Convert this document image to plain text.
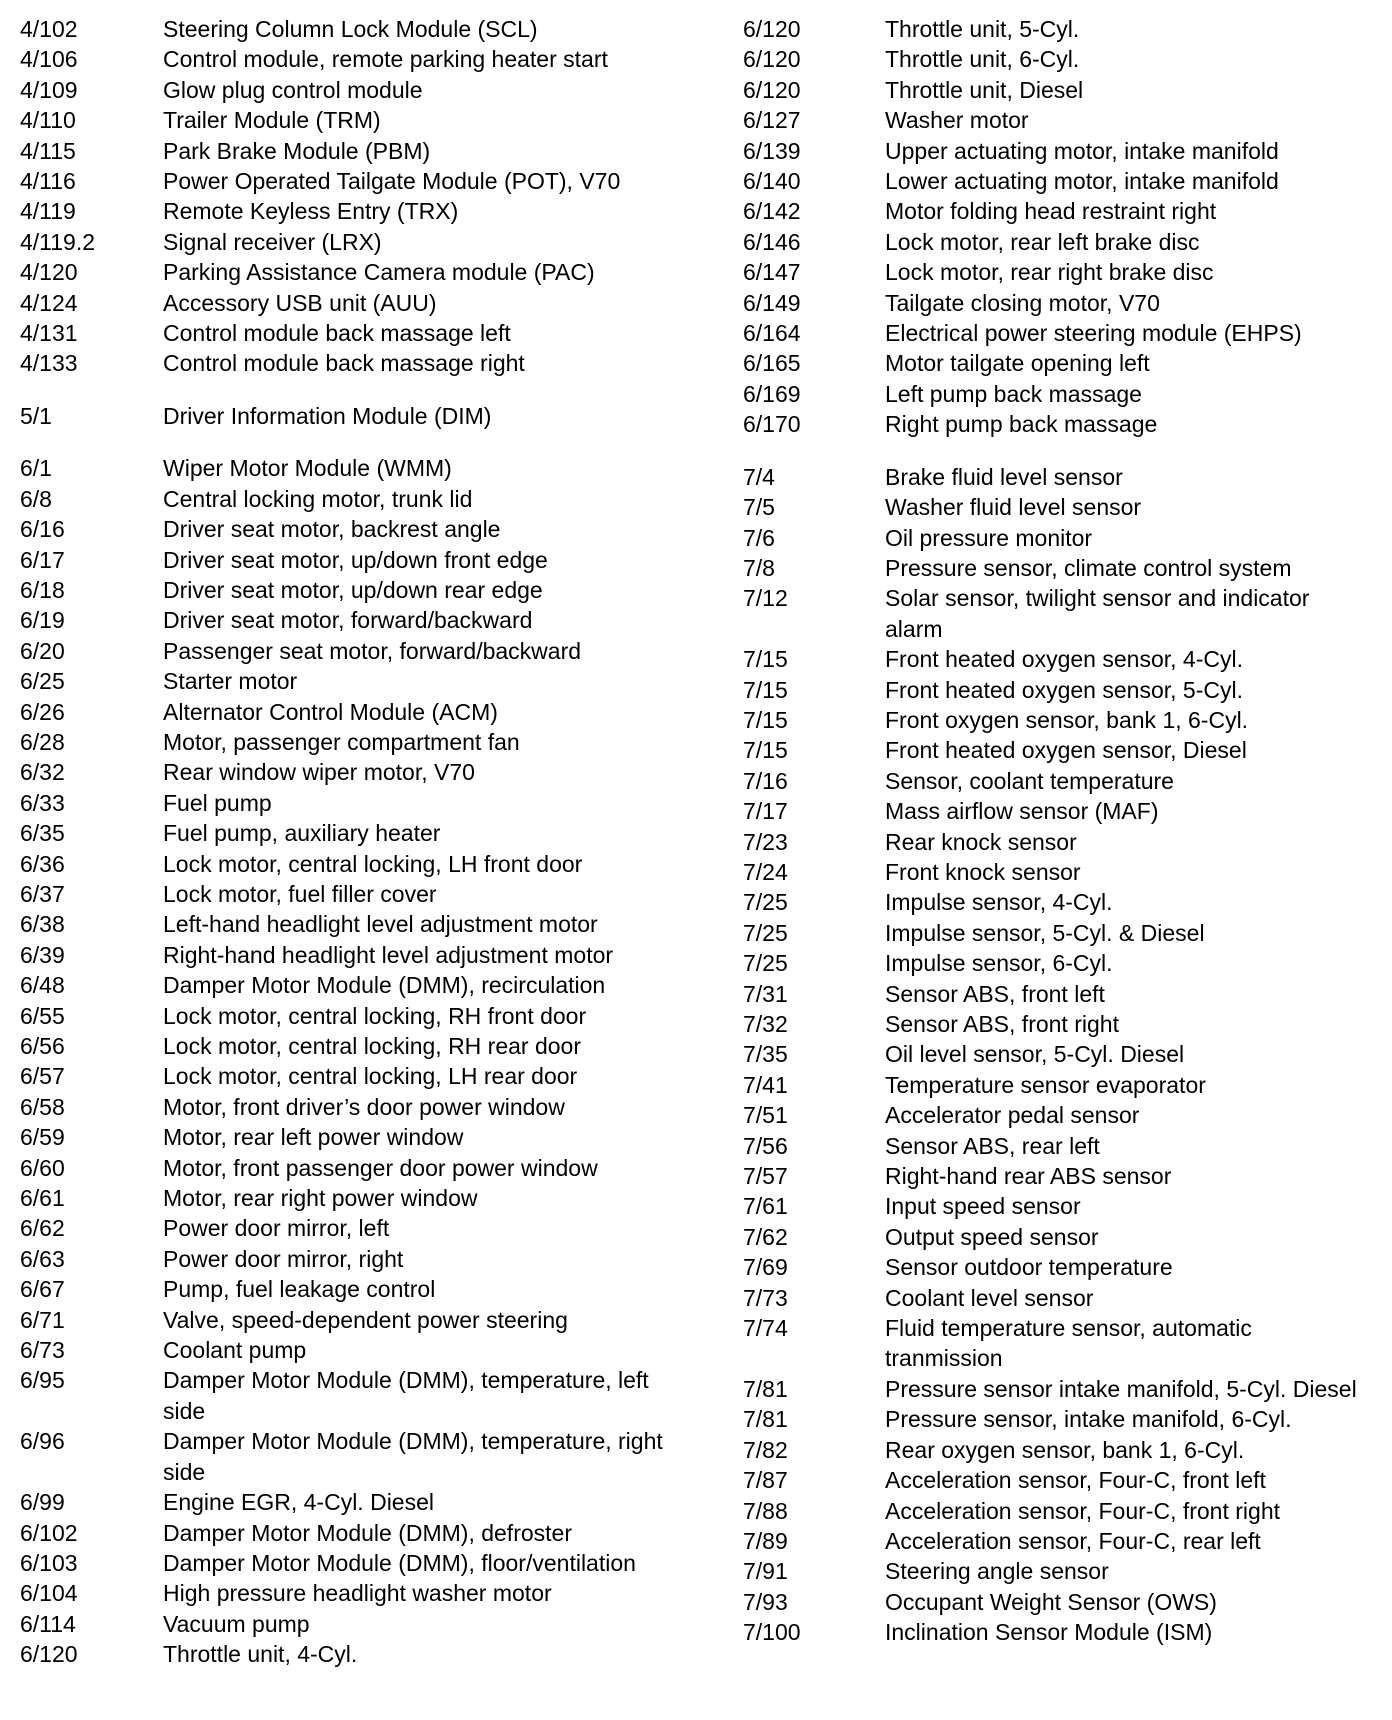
4/102	Steering Column Lock Module (SCL)
4/106	Control module, remote parking heater start
4/109	Glow plug control module
4/110	Trailer Module (TRM)
4/115	Park Brake Module (PBM)
4/116	Power Operated Tailgate Module (POT), V70
4/119	Remote Keyless Entry (TRX)
4/119.2	Signal receiver (LRX)
4/120	Parking Assistance Camera module (PAC)
4/124	Accessory USB unit (AUU)
4/131	Control module back massage left
4/133	Control module back massage right
5/1	Driver Information Module (DIM)
6/1	Wiper Motor Module (WMM)
6/8	Central locking motor, trunk lid
6/16	Driver seat motor, backrest angle
6/17	Driver seat motor, up/down front edge
6/18	Driver seat motor, up/down rear edge
6/19	Driver seat motor, forward/backward
6/20	Passenger seat motor, forward/backward
6/25	Starter motor
6/26	Alternator Control Module (ACM)
6/28	Motor, passenger compartment fan
6/32	Rear window wiper motor, V70
6/33	Fuel pump
6/35	Fuel pump, auxiliary heater
6/36	Lock motor, central locking, LH front door
6/37	Lock motor, fuel filler cover
6/38	Left-hand headlight level adjustment motor
6/39	Right-hand headlight level adjustment motor
6/48	Damper Motor Module (DMM), recirculation
6/55	Lock motor, central locking, RH front door
6/56	Lock motor, central locking, RH rear door
6/57	Lock motor, central locking, LH rear door
6/58	Motor, front driver’s door power window
6/59	Motor, rear left power window
6/60	Motor, front passenger door power window
6/61	Motor, rear right power window
6/62	Power door mirror, left
6/63	Power door mirror, right
6/67	Pump, fuel leakage control
6/71	Valve, speed-dependent power steering
6/73	Coolant pump
6/95	Damper Motor Module (DMM), temperature, left side
6/96	Damper Motor Module (DMM), temperature, right side
6/99	Engine EGR, 4-Cyl. Diesel
6/102	Damper Motor Module (DMM), defroster
6/103	Damper Motor Module (DMM), floor/ventilation
6/104	High pressure headlight washer motor
6/114	Vacuum pump
6/120	Throttle unit, 4-Cyl.
6/120	Throttle unit, 5-Cyl.
6/120	Throttle unit, 6-Cyl.
6/120	Throttle unit, Diesel
6/127	Washer motor
6/139	Upper actuating motor, intake manifold
6/140	Lower actuating motor, intake manifold
6/142	Motor folding head restraint right
6/146	Lock motor, rear left brake disc
6/147	Lock motor, rear right brake disc
6/149	Tailgate closing motor, V70
6/164	Electrical power steering module (EHPS)
6/165	Motor tailgate opening left
6/169	Left pump back massage
6/170	Right pump back massage
7/4	Brake fluid level sensor
7/5	Washer fluid level sensor
7/6	Oil pressure monitor
7/8	Pressure sensor, climate control system
7/12	Solar sensor, twilight sensor and indicator alarm
7/15	Front heated oxygen sensor, 4-Cyl.
7/15	Front heated oxygen sensor, 5-Cyl.
7/15	Front oxygen sensor, bank 1, 6-Cyl.
7/15	Front heated oxygen sensor, Diesel
7/16	Sensor, coolant temperature
7/17	Mass airflow sensor (MAF)
7/23	Rear knock sensor
7/24	Front knock sensor
7/25	Impulse sensor, 4-Cyl.
7/25	Impulse sensor, 5-Cyl. & Diesel
7/25	Impulse sensor, 6-Cyl.
7/31	Sensor ABS, front left
7/32	Sensor ABS, front right
7/35	Oil level sensor, 5-Cyl. Diesel
7/41	Temperature sensor evaporator
7/51	Accelerator pedal sensor
7/56	Sensor ABS, rear left
7/57	Right-hand rear ABS sensor
7/61	Input speed sensor
7/62	Output speed sensor
7/69	Sensor outdoor temperature
7/73	Coolant level sensor
7/74	Fluid temperature sensor, automatic tranmission
7/81	Pressure sensor intake manifold, 5-Cyl. Diesel
7/81	Pressure sensor, intake manifold, 6-Cyl.
7/82	Rear oxygen sensor, bank 1, 6-Cyl.
7/87	Acceleration sensor, Four-C, front left
7/88	Acceleration sensor, Four-C, front right
7/89	Acceleration sensor, Four-C, rear left
7/91	Steering angle sensor
7/93	Occupant Weight Sensor (OWS)
7/100	Inclination Sensor Module (ISM)
